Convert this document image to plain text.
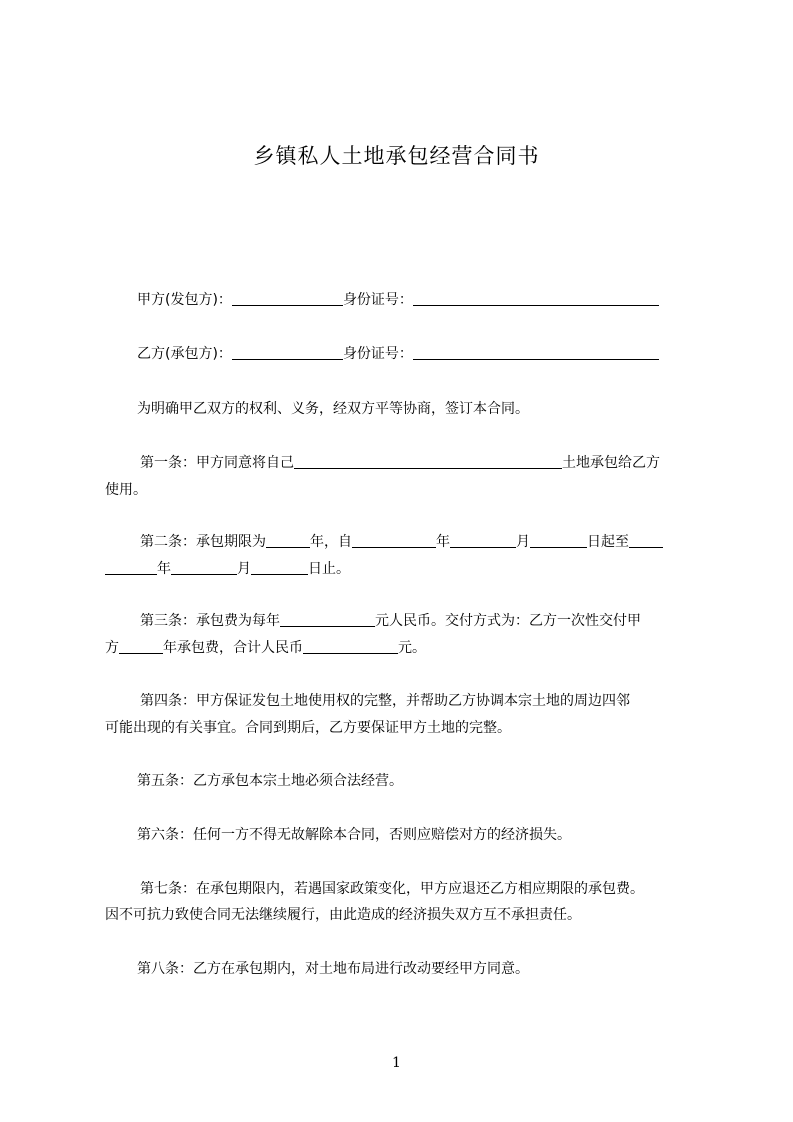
乡镇私人土地承包经营合同书
甲方(发包方)：	身份证号：
乙方(承包方)：	身份证号：
为明确甲乙双方的权利、义务，经双方平等协商，签订本合同。
第一条：甲方同意将自己	土地承包给乙方
使用。
第二条：承包期限为	年，自	年	月	日起至
年	月	日止。
第三条：承包费为每年	元人民币。交付方式为：乙方一次性交付甲
方	年承包费，合计人民币	元。
第四条：甲方保证发包土地使用权的完整，并帮助乙方协调本宗土地的周边四邻
可能出现的有关事宜。合同到期后，乙方要保证甲方土地的完整。
第五条：乙方承包本宗土地必须合法经营。
第六条：任何一方不得无故解除本合同，否则应赔偿对方的经济损失。
第七条：在承包期限内，若遇国家政策变化，甲方应退还乙方相应期限的承包费。
因不可抗力致使合同无法继续履行，由此造成的经济损失双方互不承担责任。
第八条：乙方在承包期内，对土地布局进行改动要经甲方同意。
1
